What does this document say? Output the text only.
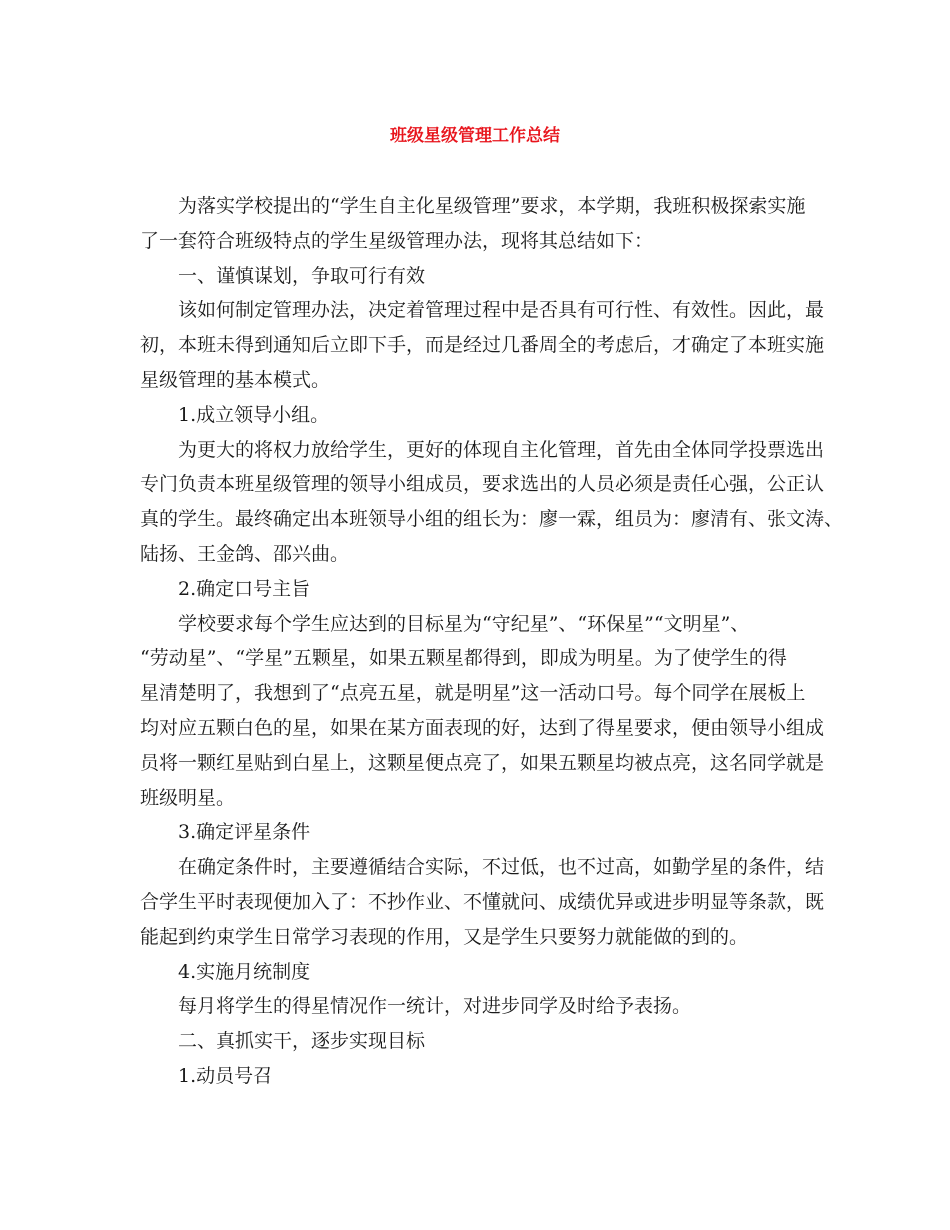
班级星级管理工作总结
为落实学校提出的“学生自主化星级管理”要求，本学期，我班积极探索实施
了一套符合班级特点的学生星级管理办法，现将其总结如下：
一、谨慎谋划，争取可行有效
该如何制定管理办法，决定着管理过程中是否具有可行性、有效性。因此，最
初，本班未得到通知后立即下手，而是经过几番周全的考虑后，才确定了本班实施
星级管理的基本模式。
1.成立领导小组。
为更大的将权力放给学生，更好的体现自主化管理，首先由全体同学投票选出
专门负责本班星级管理的领导小组成员，要求选出的人员必须是责任心强，公正认
真的学生。最终确定出本班领导小组的组长为：廖一霖，组员为：廖清有、张文涛、
陆扬、王金鸽、邵兴曲。
2.确定口号主旨
学校要求每个学生应达到的目标星为“守纪星”、“环保星”“文明星”、
“劳动星”、“学星”五颗星，如果五颗星都得到，即成为明星。为了使学生的得
星清楚明了，我想到了“点亮五星，就是明星”这一活动口号。每个同学在展板上
均对应五颗白色的星，如果在某方面表现的好，达到了得星要求，便由领导小组成
员将一颗红星贴到白星上，这颗星便点亮了，如果五颗星均被点亮，这名同学就是
班级明星。
3.确定评星条件
在确定条件时，主要遵循结合实际，不过低，也不过高，如勤学星的条件，结
合学生平时表现便加入了：不抄作业、不懂就问、成绩优异或进步明显等条款，既
能起到约束学生日常学习表现的作用，又是学生只要努力就能做的到的。
4.实施月统制度
每月将学生的得星情况作一统计，对进步同学及时给予表扬。
二、真抓实干，逐步实现目标
1.动员号召
